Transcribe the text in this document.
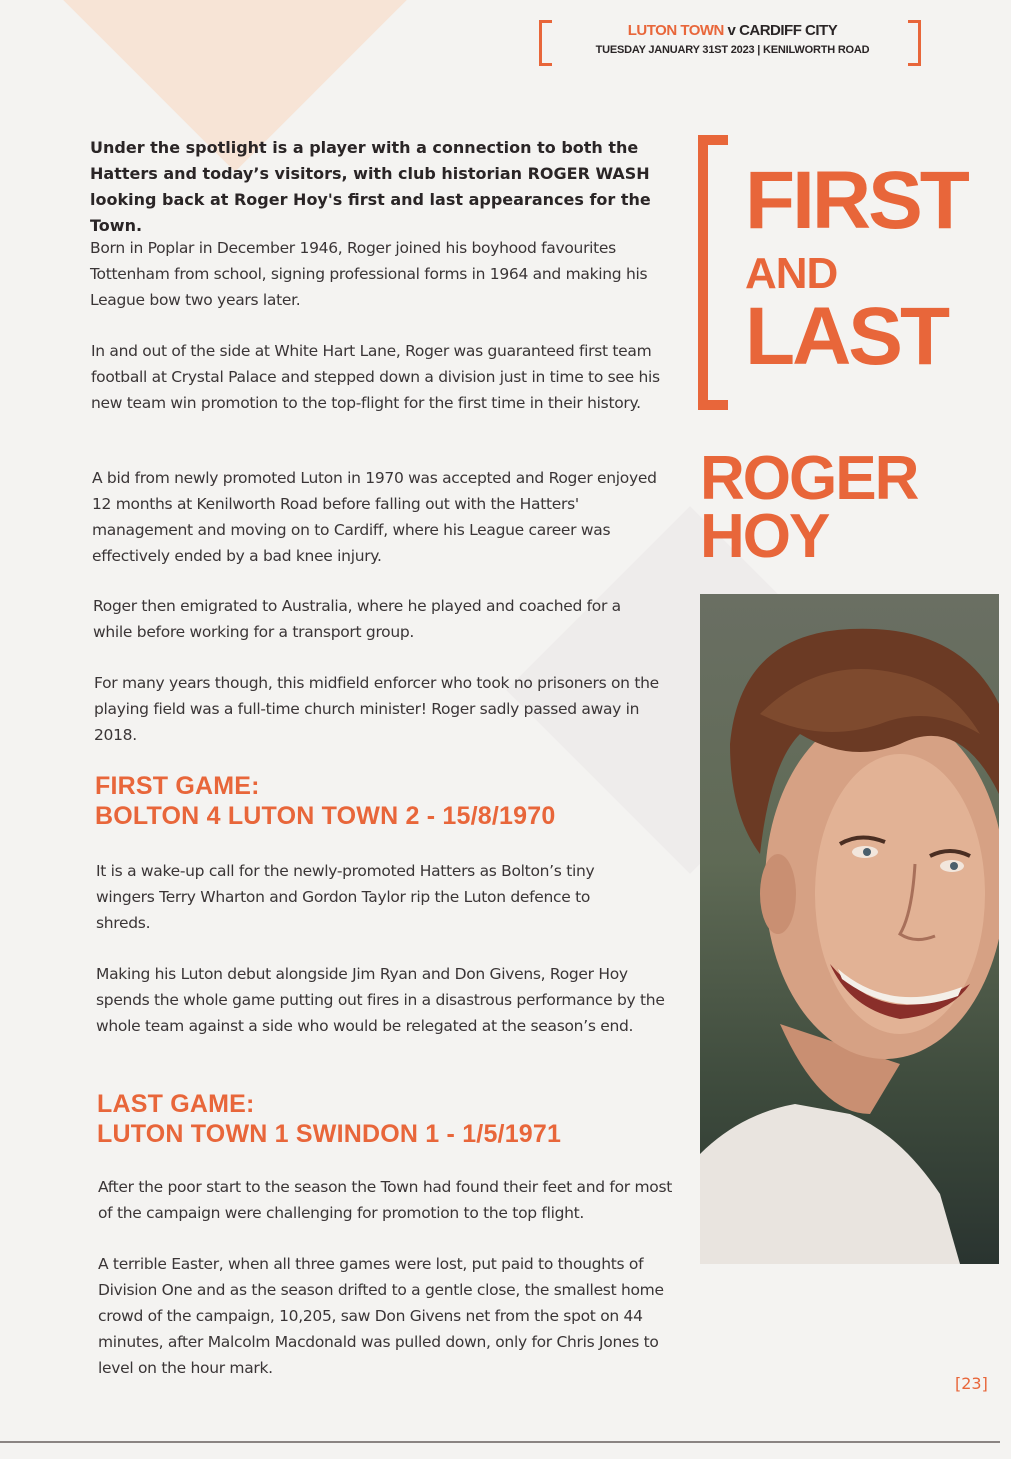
LUTON TOWN v CARDIFF CITY
TUESDAY JANUARY 31ST 2023 | KENILWORTH ROAD
Under the spotlight is a player with a connection to both the Hatters and today’s visitors, with club historian ROGER WASH looking back at Roger Hoy's first and last appearances for the Town.
Born in Poplar in December 1946, Roger joined his boyhood favourites Tottenham from school, signing professional forms in 1964 and making his League bow two years later.
In and out of the side at White Hart Lane, Roger was guaranteed first team football at Crystal Palace and stepped down a division just in time to see his new team win promotion to the top-flight for the first time in their history.
A bid from newly promoted Luton in 1970 was accepted and Roger enjoyed 12 months at Kenilworth Road before falling out with the Hatters' management and moving on to Cardiff, where his League career was effectively ended by a bad knee injury.
Roger then emigrated to Australia, where he played and coached for a while before working for a transport group.
For many years though, this midfield enforcer who took no prisoners on the playing field was a full-time church minister! Roger sadly passed away in 2018.
FIRST GAME:
BOLTON 4 LUTON TOWN 2 - 15/8/1970
It is a wake-up call for the newly-promoted Hatters as Bolton’s tiny wingers Terry Wharton and Gordon Taylor rip the Luton defence to shreds.
Making his Luton debut alongside Jim Ryan and Don Givens, Roger Hoy spends the whole game putting out fires in a disastrous performance by the whole team against a side who would be relegated at the season’s end.
LAST GAME:
LUTON TOWN 1 SWINDON 1 - 1/5/1971
After the poor start to the season the Town had found their feet and for most of the campaign were challenging for promotion to the top flight.
A terrible Easter, when all three games were lost, put paid to thoughts of Division One and as the season drifted to a gentle close, the smallest home crowd of the campaign, 10,205, saw Don Givens net from the spot on 44 minutes, after Malcolm Macdonald was pulled down, only for Chris Jones to level on the hour mark.
FIRST
AND
LAST
ROGER
HOY
[23]
